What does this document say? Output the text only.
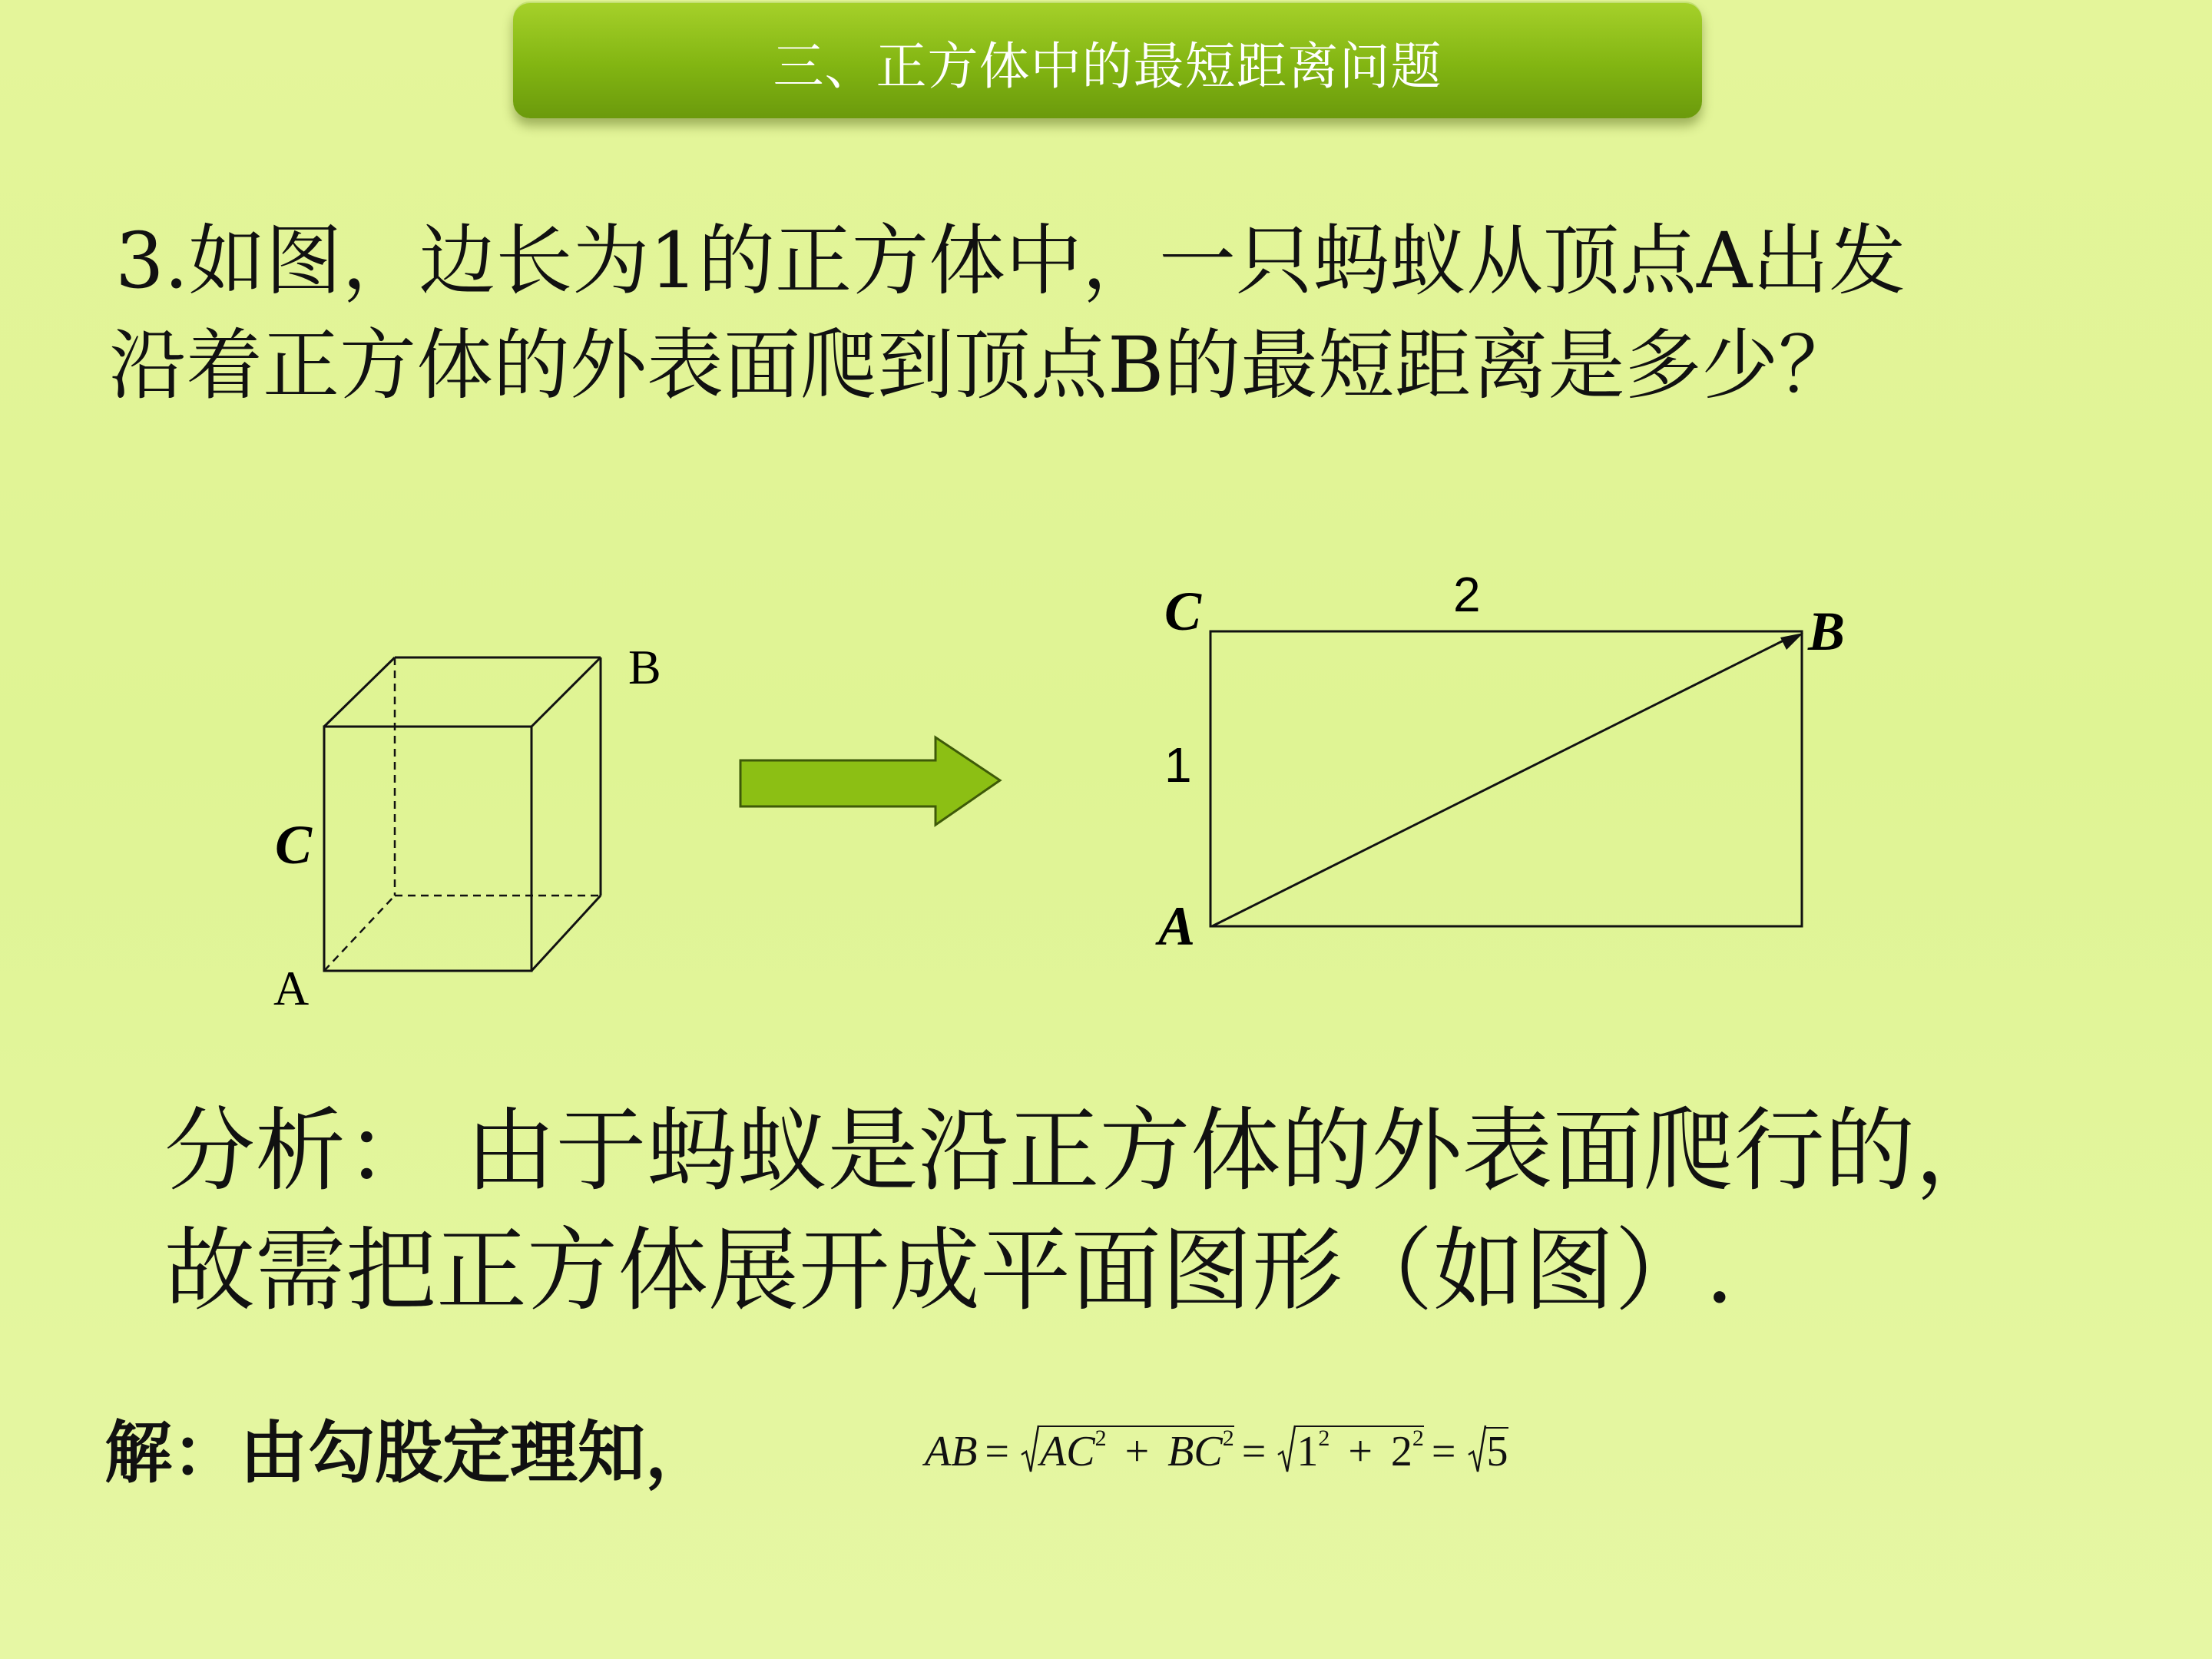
三、正方体中的最短距离问题
3.如图，边长为1的正方体中，一只蚂蚁从顶点A出发
沿着正方体的外表面爬到顶点B的最短距离是多少？
B
C
A
C	B
A
2
1
分析： 由于蚂蚁是沿正方体的外表面爬行的，
故需把正方体展开成平面图形（如图）.
解：由勾股定理知，	AB = $AC^2 + BC^2 = 1^2 + 2^2 = 5$
